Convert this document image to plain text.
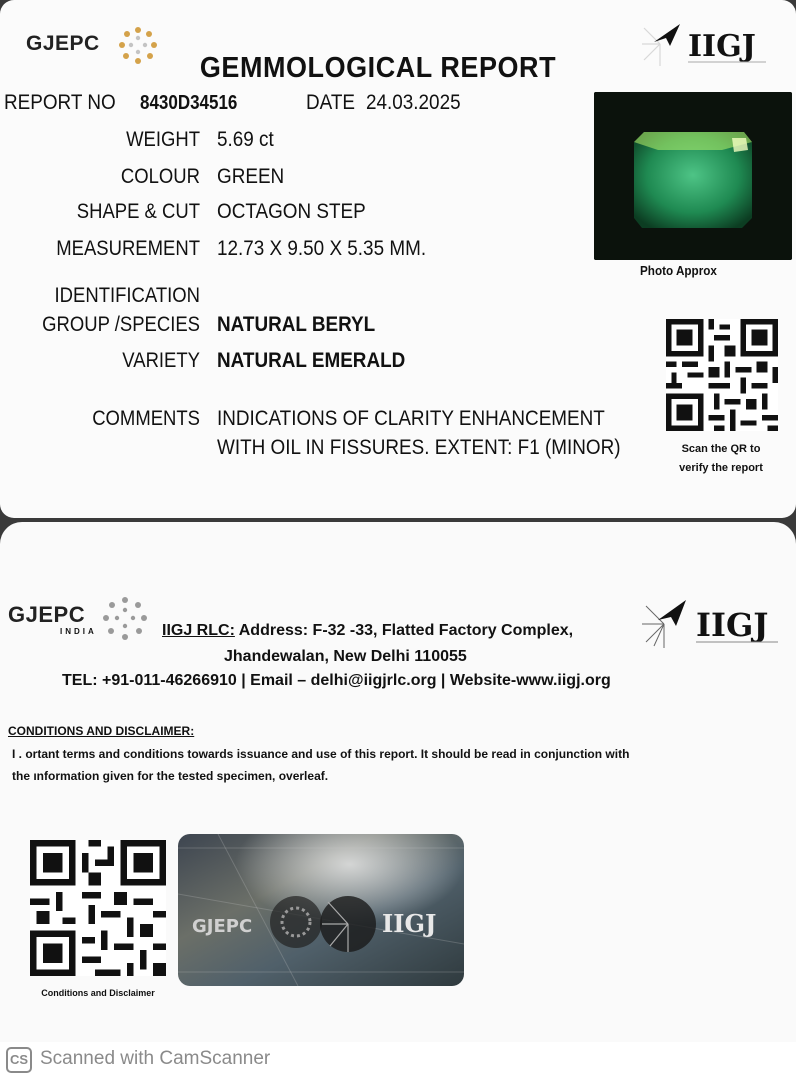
GJEPC	IIGJ
GEMMOLOGICAL REPORT
REPORT NO 8430D34516	DATE 24.03.2025
WEIGHT 5.69 ct
COLOUR GREEN
SHAPE & CUT OCTAGON STEP
MEASUREMENT 12.73 X 9.50 X 5.35 MM.
IDENTIFICATION
GROUP /SPECIES NATURAL BERYL
VARIETY NATURAL EMERALD
COMMENTS INDICATIONS OF CLARITY ENHANCEMENT
WITH OIL IN FISSURES. EXTENT: F1 (MINOR)
Photo Approx
Scan the QR to
verify the report
GJEPC
INDIA	IIGJ
IIGJ RLC: Address: F-32 -33, Flatted Factory Complex,
Jhandewalan, New Delhi 110055
TEL: +91-011-46266910 | Email – delhi@iigjrlc.org | Website-www.iigj.org
CONDITIONS AND DISCLAIMER:
I . ortant terms and conditions towards issuance and use of this report. It should be read in conjunction with
the ınformation given for the tested specimen, overleaf.
Conditions and Disclaimer
GJEPC	IIGJ
CS Scanned with CamScanner
